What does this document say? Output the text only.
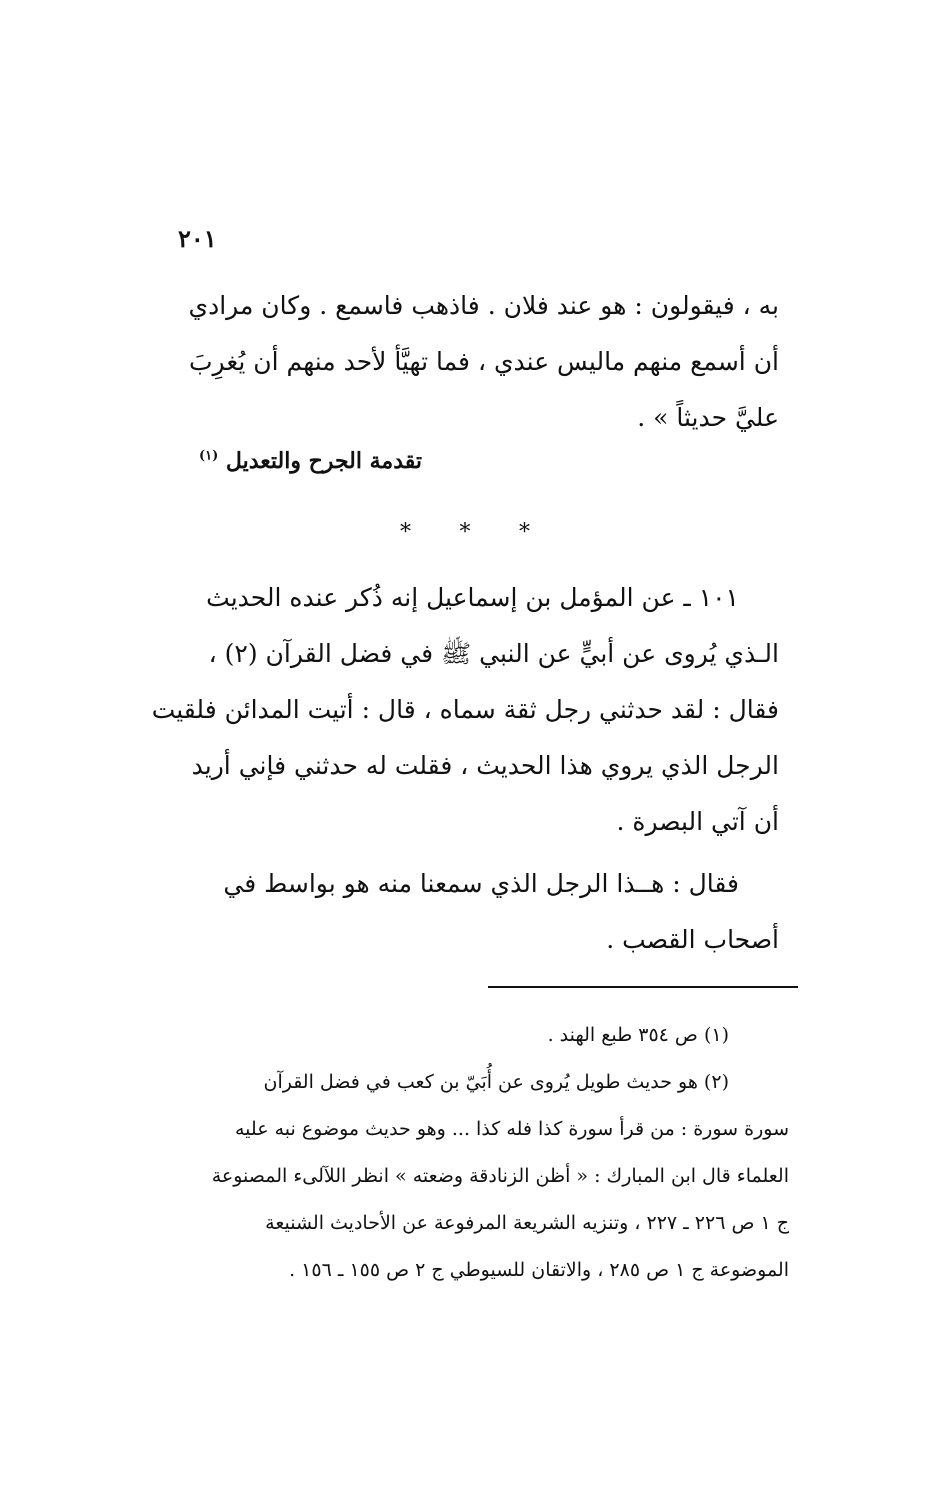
٢٠١
به ، فيقولون : هو عند فلان . فاذهب فاسمع . وكان مرادي
أن أسمع منهم ماليس عندي ، فما تهيَّأ لأحد منهم أن يُغرِبَ
عليَّ حديثاً » .
تقدمة الجرح والتعديل $^{(١)}$
* * *
١٠١ ـ عن المؤمل بن إسماعيل إنه ذُكر عنده الحديث
الـذي يُروى عن أبيٍّ عن النبي ﷺ في فضل القرآن (٢) ،
فقال : لقد حدثني رجل ثقة سماه ، قال : أتيت المدائن فلقيت
الرجل الذي يروي هذا الحديث ، فقلت له حدثني فإني أريد
أن آتي البصرة .
فقال : هــذا الرجل الذي سمعنا منه هو بواسط في
أصحاب القصب .
(١) ص ٣٥٤ طبع الهند .
(٢) هو حديث طويل يُروى عن أُبَيّ بن كعب في فضل القرآن
سورة سورة : من قرأ سورة كذا فله كذا ... وهو حديث موضوع نبه عليه
العلماء قال ابن المبارك : « أظن الزنادقة وضعته » انظر اللآلىء المصنوعة
ج ١ ص ٢٢٦ ـ ٢٢٧ ، وتنزيه الشريعة المرفوعة عن الأحاديث الشنيعة
الموضوعة ج ١ ص ٢٨٥ ، والاتقان للسيوطي ج ٢ ص ١٥٥ ـ ١٥٦ .
